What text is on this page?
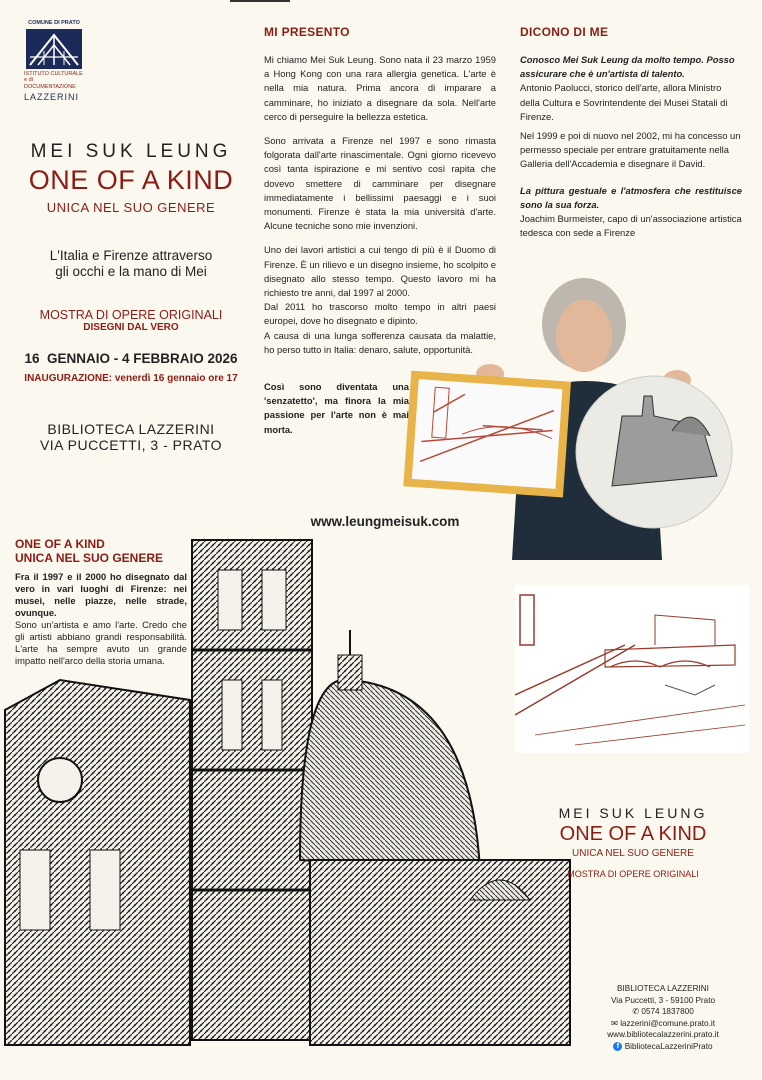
COMUNE DI PRATO
ISTITUTO CULTURALE
e di DOCUMENTAZIONE
LAZZERINI
MEI SUK LEUNG
ONE OF A KIND
UNICA NEL SUO GENERE
L'Italia e Firenze attraverso
gli occhi e la mano di Mei
MOSTRA DI OPERE ORIGINALI
DISEGNI DAL VERO
16  GENNAIO - 4 FEBBRAIO 2026
INAUGURAZIONE: venerdì 16 gennaio ore 17
BIBLIOTECA LAZZERINI
VIA PUCCETTI, 3 - PRATO
MI PRESENTO

Mi chiamo Mei Suk Leung. Sono nata il 23 marzo 1959 a Hong Kong con una rara allergia genetica. L'arte è nella mia natura. Prima ancora di imparare a camminare, ho iniziato a disegnare da sola. Nell'arte cerco di perseguire la bellezza estetica.

Sono arrivata a Firenze nel 1997 e sono rimasta folgorata dall'arte rinascimentale. Ogni giorno ricevevo così tanta ispirazione e mi sentivo così rapita che dovevo smettere di camminare per disegnare immediatamente i bellissimi paesaggi e i suoi monumenti. Firenze è stata la mia università d'arte. Alcune tecniche sono mie invenzioni.

Uno dei lavori artistici a cui tengo di più è il Duomo di Firenze. È un rilievo e un disegno insieme, ho scolpito e disegnato allo stesso tempo. Questo lavoro mi ha richiesto tre anni, dal 1997 al 2000.

Dal 2011 ho trascorso molto tempo in altri paesi europei, dove ho disegnato e dipinto.

A causa di una lunga sofferenza causata da malattie, ho perso tutto in Italia: denaro, salute, opportunità.

Così sono diventata una 'senzatetto', ma finora la mia passione per l'arte non è mai morta.
DICONO DI ME

Conosco Mei Suk Leung da molto tempo. Posso assicurare che è un'artista di talento.

Antonio Paolucci, storico dell'arte, allora Ministro della Cultura e Sovrintendente dei Musei Statali di Firenze.

Nel 1999 e poi di nuovo nel 2002, mi ha concesso un permesso speciale per entrare gratuitamente nella Galleria dell'Accademia e disegnare il David.

La pittura gestuale e l'atmosfera che restituisce sono la sua forza.

Joachim Burmeister, capo di un'associazione artistica tedesca con sede a Firenze

www.leungmeisuk.com
ONE OF A KIND
UNICA NEL SUO GENERE
Fra il 1997 e il 2000 ho disegnato dal vero in vari luoghi di Firenze: nei musei, nelle piazze, nelle strade, ovunque.
Sono un'artista e amo l'arte. Credo che gli artisti abbiano grandi responsabilità. L'arte ha sempre avuto un grande impatto nell'arco della storia umana.
MEI SUK LEUNG
ONE OF A KIND
UNICA NEL SUO GENERE
MOSTRA DI OPERE ORIGINALI
BIBLIOTECA LAZZERINI
Via Puccetti, 3 - 59100 Prato
✆ 0574 1837800
✉ lazzerini@comune.prato.it
www.bibliotecalazzerini.prato.it
f BibliotecaLazzeriniPrato
